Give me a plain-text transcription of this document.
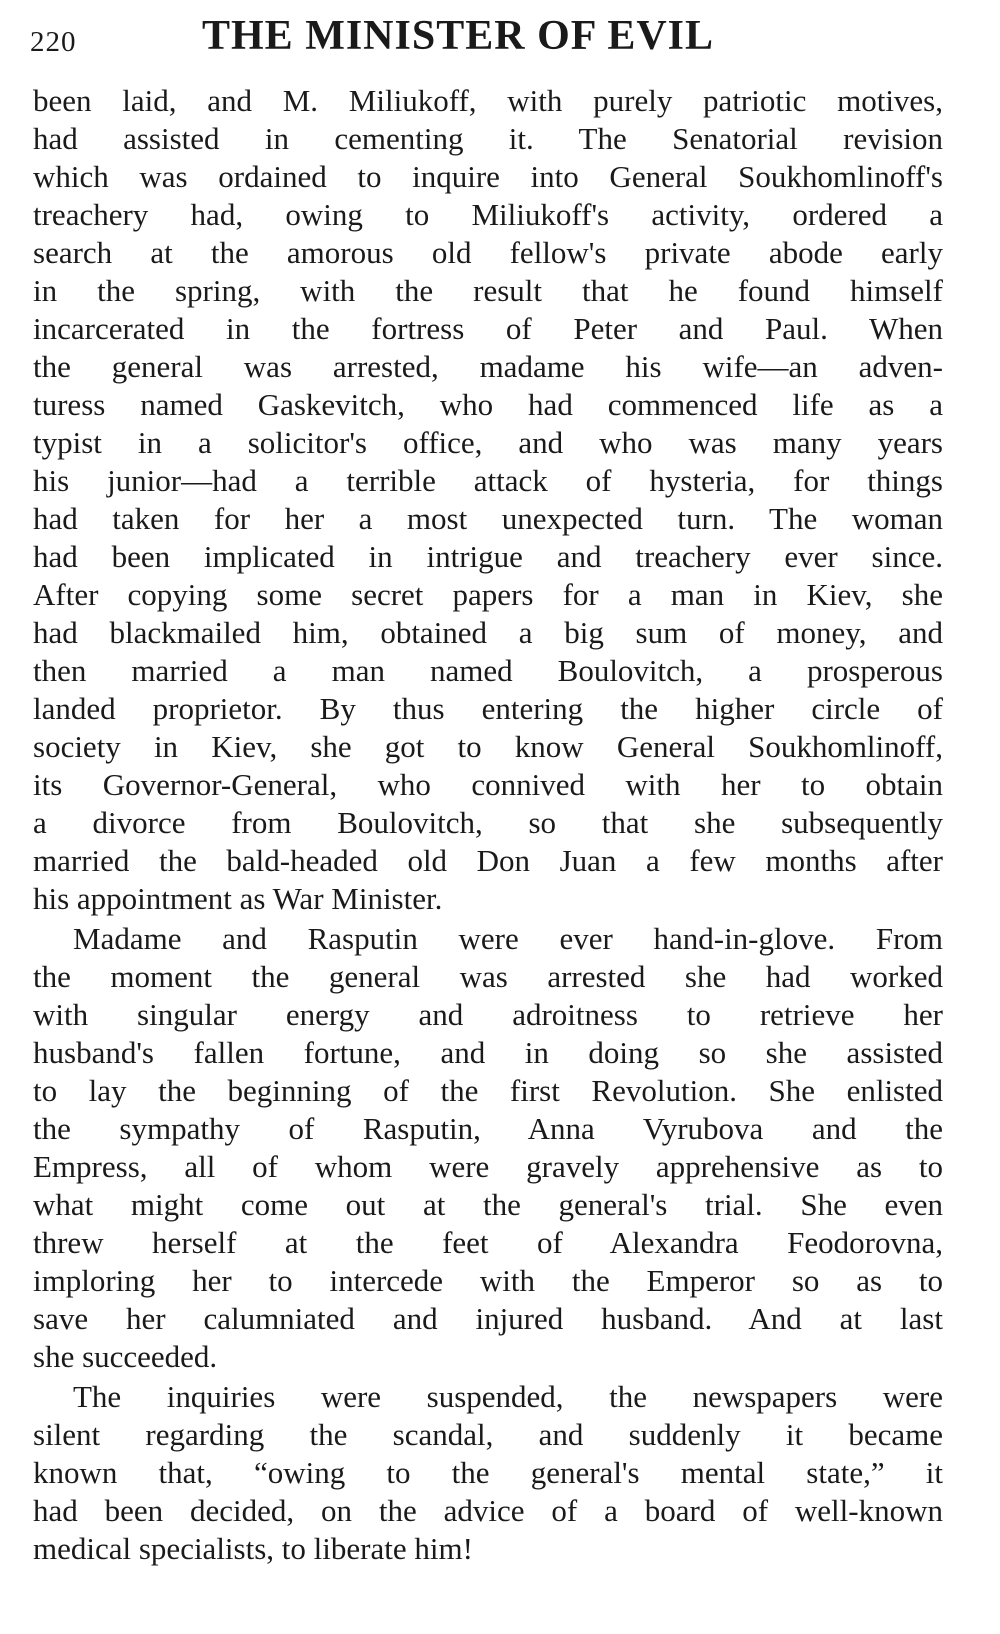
220	THE MINISTER OF EVIL
been laid, and M. Miliukoff, with purely patriotic motives,
had assisted in cementing it. The Senatorial revision
which was ordained to inquire into General Soukhomlinoff's
treachery had, owing to Miliukoff's activity, ordered a
search at the amorous old fellow's private abode early
in the spring, with the result that he found himself
incarcerated in the fortress of Peter and Paul. When
the general was arrested, madame his wife—an adven-
turess named Gaskevitch, who had commenced life as a
typist in a solicitor's office, and who was many years
his junior—had a terrible attack of hysteria, for things
had taken for her a most unexpected turn. The woman
had been implicated in intrigue and treachery ever since.
After copying some secret papers for a man in Kiev, she
had blackmailed him, obtained a big sum of money, and
then married a man named Boulovitch, a prosperous
landed proprietor. By thus entering the higher circle of
society in Kiev, she got to know General Soukhomlinoff,
its Governor-General, who connived with her to obtain
a divorce from Boulovitch, so that she subsequently
married the bald-headed old Don Juan a few months after
his appointment as War Minister.
Madame and Rasputin were ever hand-in-glove. From
the moment the general was arrested she had worked
with singular energy and adroitness to retrieve her
husband's fallen fortune, and in doing so she assisted
to lay the beginning of the first Revolution. She enlisted
the sympathy of Rasputin, Anna Vyrubova and the
Empress, all of whom were gravely apprehensive as to
what might come out at the general's trial. She even
threw herself at the feet of Alexandra Feodorovna,
imploring her to intercede with the Emperor so as to
save her calumniated and injured husband. And at last
she succeeded.
The inquiries were suspended, the newspapers were
silent regarding the scandal, and suddenly it became
known that, “owing to the general's mental state,” it
had been decided, on the advice of a board of well-known
medical specialists, to liberate him!
